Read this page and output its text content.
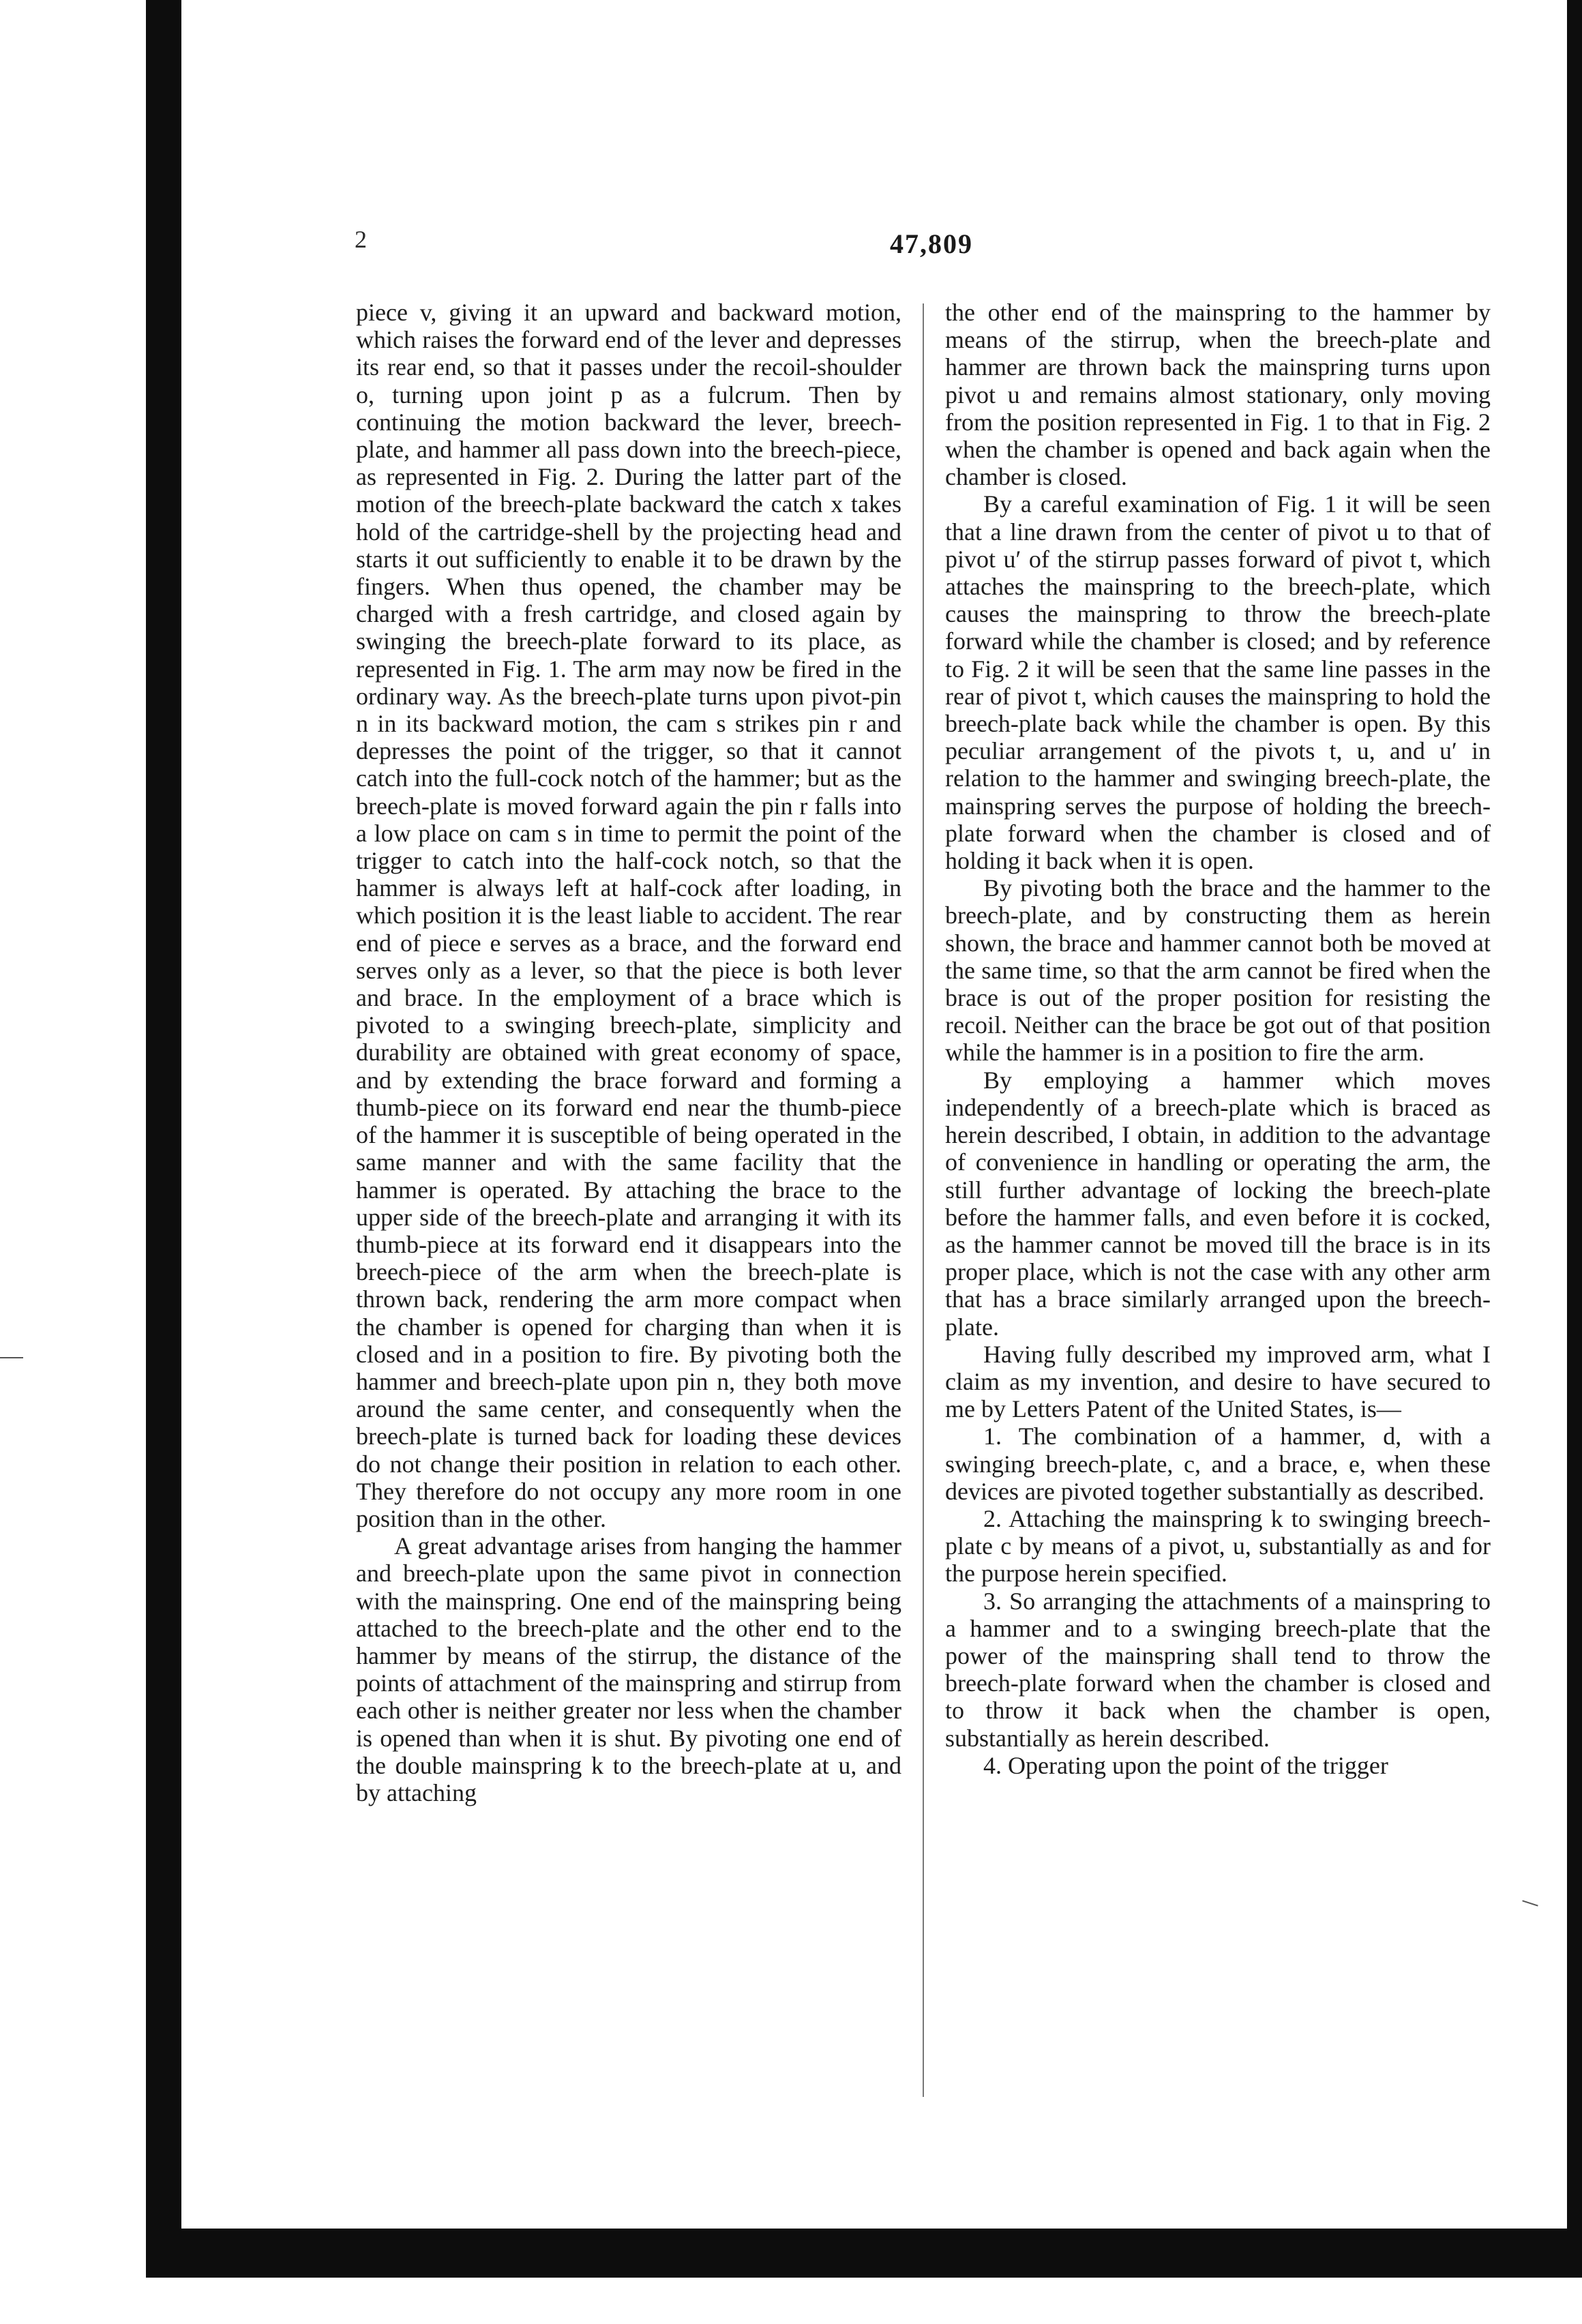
2	47,809

piece v, giving it an upward and backward motion, which raises the forward end of the lever and depresses its rear end, so that it passes under the recoil-shoulder o, turning upon joint p as a fulcrum. Then by continuing the motion backward the lever, breech-plate, and hammer all pass down into the breech-piece, as represented in Fig. 2. During the latter part of the motion of the breech-plate backward the catch x takes hold of the cartridge-shell by the projecting head and starts it out sufficiently to enable it to be drawn by the fingers. When thus opened, the chamber may be charged with a fresh cartridge, and closed again by swinging the breech-plate forward to its place, as represented in Fig. 1. The arm may now be fired in the ordinary way. As the breech-plate turns upon pivot-pin n in its backward motion, the cam s strikes pin r and depresses the point of the trigger, so that it cannot catch into the full-cock notch of the hammer; but as the breech-plate is moved forward again the pin r falls into a low place on cam s in time to permit the point of the trigger to catch into the half-cock notch, so that the hammer is always left at half-cock after loading, in which position it is the least liable to accident. The rear end of piece e serves as a brace, and the forward end serves only as a lever, so that the piece is both lever and brace. In the employment of a brace which is pivoted to a swinging breech-plate, simplicity and durability are obtained with great economy of space, and by extending the brace forward and forming a thumb-piece on its forward end near the thumb-piece of the hammer it is susceptible of being operated in the same manner and with the same facility that the hammer is operated. By attaching the brace to the upper side of the breech-plate and arranging it with its thumb-piece at its forward end it disappears into the breech-piece of the arm when the breech-plate is thrown back, rendering the arm more compact when the chamber is opened for charging than when it is closed and in a position to fire. By pivoting both the hammer and breech-plate upon pin n, they both move around the same center, and consequently when the breech-plate is turned back for loading these devices do not change their position in relation to each other. They therefore do not occupy any more room in one position than in the other.

A great advantage arises from hanging the hammer and breech-plate upon the same pivot in connection with the mainspring. One end of the mainspring being attached to the breech-plate and the other end to the hammer by means of the stirrup, the distance of the points of attachment of the mainspring and stirrup from each other is neither greater nor less when the chamber is opened than when it is shut. By pivoting one end of the double mainspring k to the breech-plate at u, and by attaching

the other end of the mainspring to the hammer by means of the stirrup, when the breech-plate and hammer are thrown back the mainspring turns upon pivot u and remains almost stationary, only moving from the position represented in Fig. 1 to that in Fig. 2 when the chamber is opened and back again when the chamber is closed.

By a careful examination of Fig. 1 it will be seen that a line drawn from the center of pivot u to that of pivot u′ of the stirrup passes forward of pivot t, which attaches the mainspring to the breech-plate, which causes the mainspring to throw the breech-plate forward while the chamber is closed; and by reference to Fig. 2 it will be seen that the same line passes in the rear of pivot t, which causes the mainspring to hold the breech-plate back while the chamber is open. By this peculiar arrangement of the pivots t, u, and u′ in relation to the hammer and swinging breech-plate, the mainspring serves the purpose of holding the breech-plate forward when the chamber is closed and of holding it back when it is open.

By pivoting both the brace and the hammer to the breech-plate, and by constructing them as herein shown, the brace and hammer cannot both be moved at the same time, so that the arm cannot be fired when the brace is out of the proper position for resisting the recoil. Neither can the brace be got out of that position while the hammer is in a position to fire the arm.

By employing a hammer which moves independently of a breech-plate which is braced as herein described, I obtain, in addition to the advantage of convenience in handling or operating the arm, the still further advantage of locking the breech-plate before the hammer falls, and even before it is cocked, as the hammer cannot be moved till the brace is in its proper place, which is not the case with any other arm that has a brace similarly arranged upon the breech-plate.

Having fully described my improved arm, what I claim as my invention, and desire to have secured to me by Letters Patent of the United States, is—

1. The combination of a hammer, d, with a swinging breech-plate, c, and a brace, e, when these devices are pivoted together substantially as described.

2. Attaching the mainspring k to swinging breech-plate c by means of a pivot, u, substantially as and for the purpose herein specified.

3. So arranging the attachments of a mainspring to a hammer and to a swinging breech-plate that the power of the mainspring shall tend to throw the breech-plate forward when the chamber is closed and to throw it back when the chamber is open, substantially as herein described.

4. Operating upon the point of the trigger
